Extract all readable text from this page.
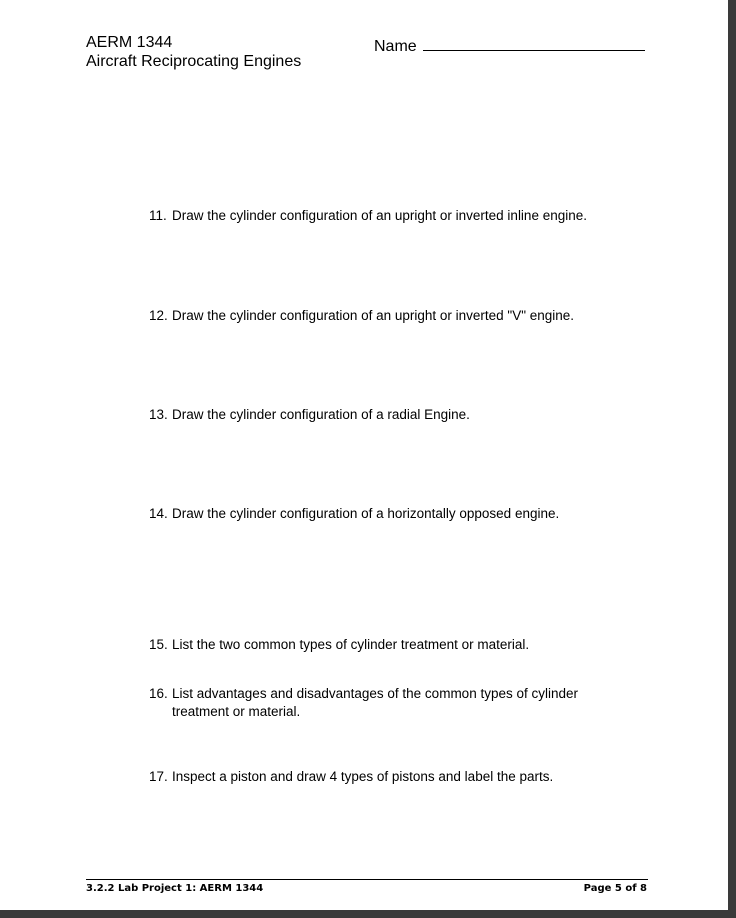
AERM 1344
Aircraft Reciprocating Engines
Name
11. Draw the cylinder configuration of an upright or inverted inline engine.
12. Draw the cylinder configuration of an upright or inverted "V" engine.
13. Draw the cylinder configuration of a radial Engine.
14. Draw the cylinder configuration of a horizontally opposed engine.
15. List the two common types of cylinder treatment or material.
16. List advantages and disadvantages of the common types of cylinder treatment or material.
17. Inspect a piston and draw 4 types of pistons and label the parts.
3.2.2 Lab Project 1: AERM 1344	Page 5 of 8
